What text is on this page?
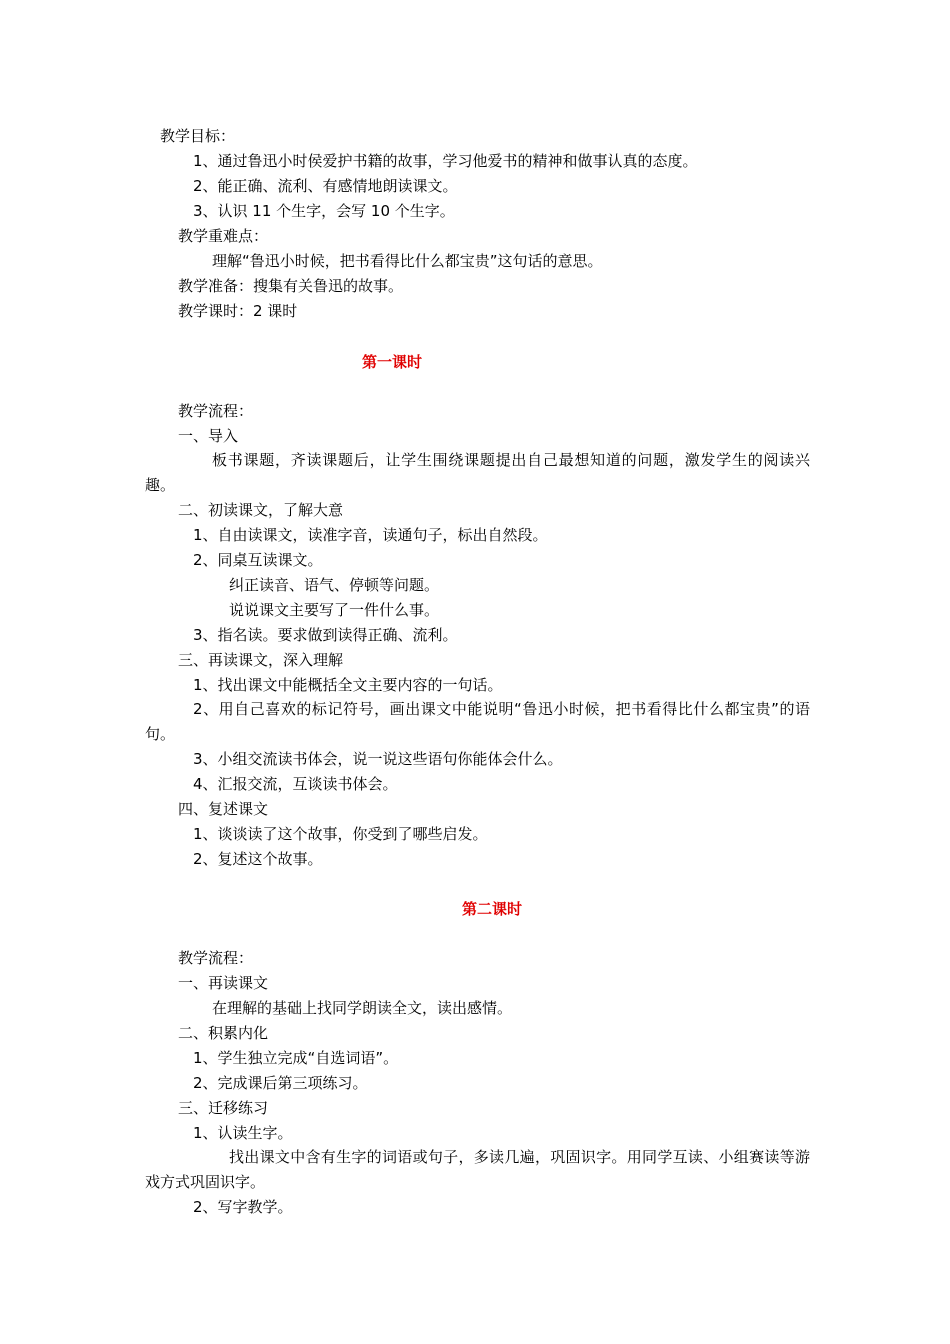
教学目标：
1、通过鲁迅小时侯爱护书籍的故事，学习他爱书的精神和做事认真的态度。
2、能正确、流利、有感情地朗读课文。
3、认识 11 个生字，会写 10 个生字。
教学重难点：
理解“鲁迅小时候，把书看得比什么都宝贵”这句话的意思。
教学准备：搜集有关鲁迅的故事。
教学课时：2 课时
第一课时
教学流程：
一、导入
板书课题，齐读课题后，让学生围绕课题提出自己最想知道的问题，激发学生的阅读兴趣。
二、初读课文，了解大意
1、自由读课文，读准字音，读通句子，标出自然段。
2、同桌互读课文。
纠正读音、语气、停顿等问题。
说说课文主要写了一件什么事。
3、指名读。要求做到读得正确、流利。
三、再读课文，深入理解
1、找出课文中能概括全文主要内容的一句话。
2、用自己喜欢的标记符号，画出课文中能说明“鲁迅小时候，把书看得比什么都宝贵”的语句。
3、小组交流读书体会，说一说这些语句你能体会什么。
4、汇报交流，互谈读书体会。
四、复述课文
1、谈谈读了这个故事，你受到了哪些启发。
2、复述这个故事。
第二课时
教学流程：
一、再读课文
在理解的基础上找同学朗读全文，读出感情。
二、积累内化
1、学生独立完成“自选词语”。
2、完成课后第三项练习。
三、迁移练习
1、认读生字。
找出课文中含有生字的词语或句子，多读几遍，巩固识字。用同学互读、小组赛读等游戏方式巩固识字。
2、写字教学。
